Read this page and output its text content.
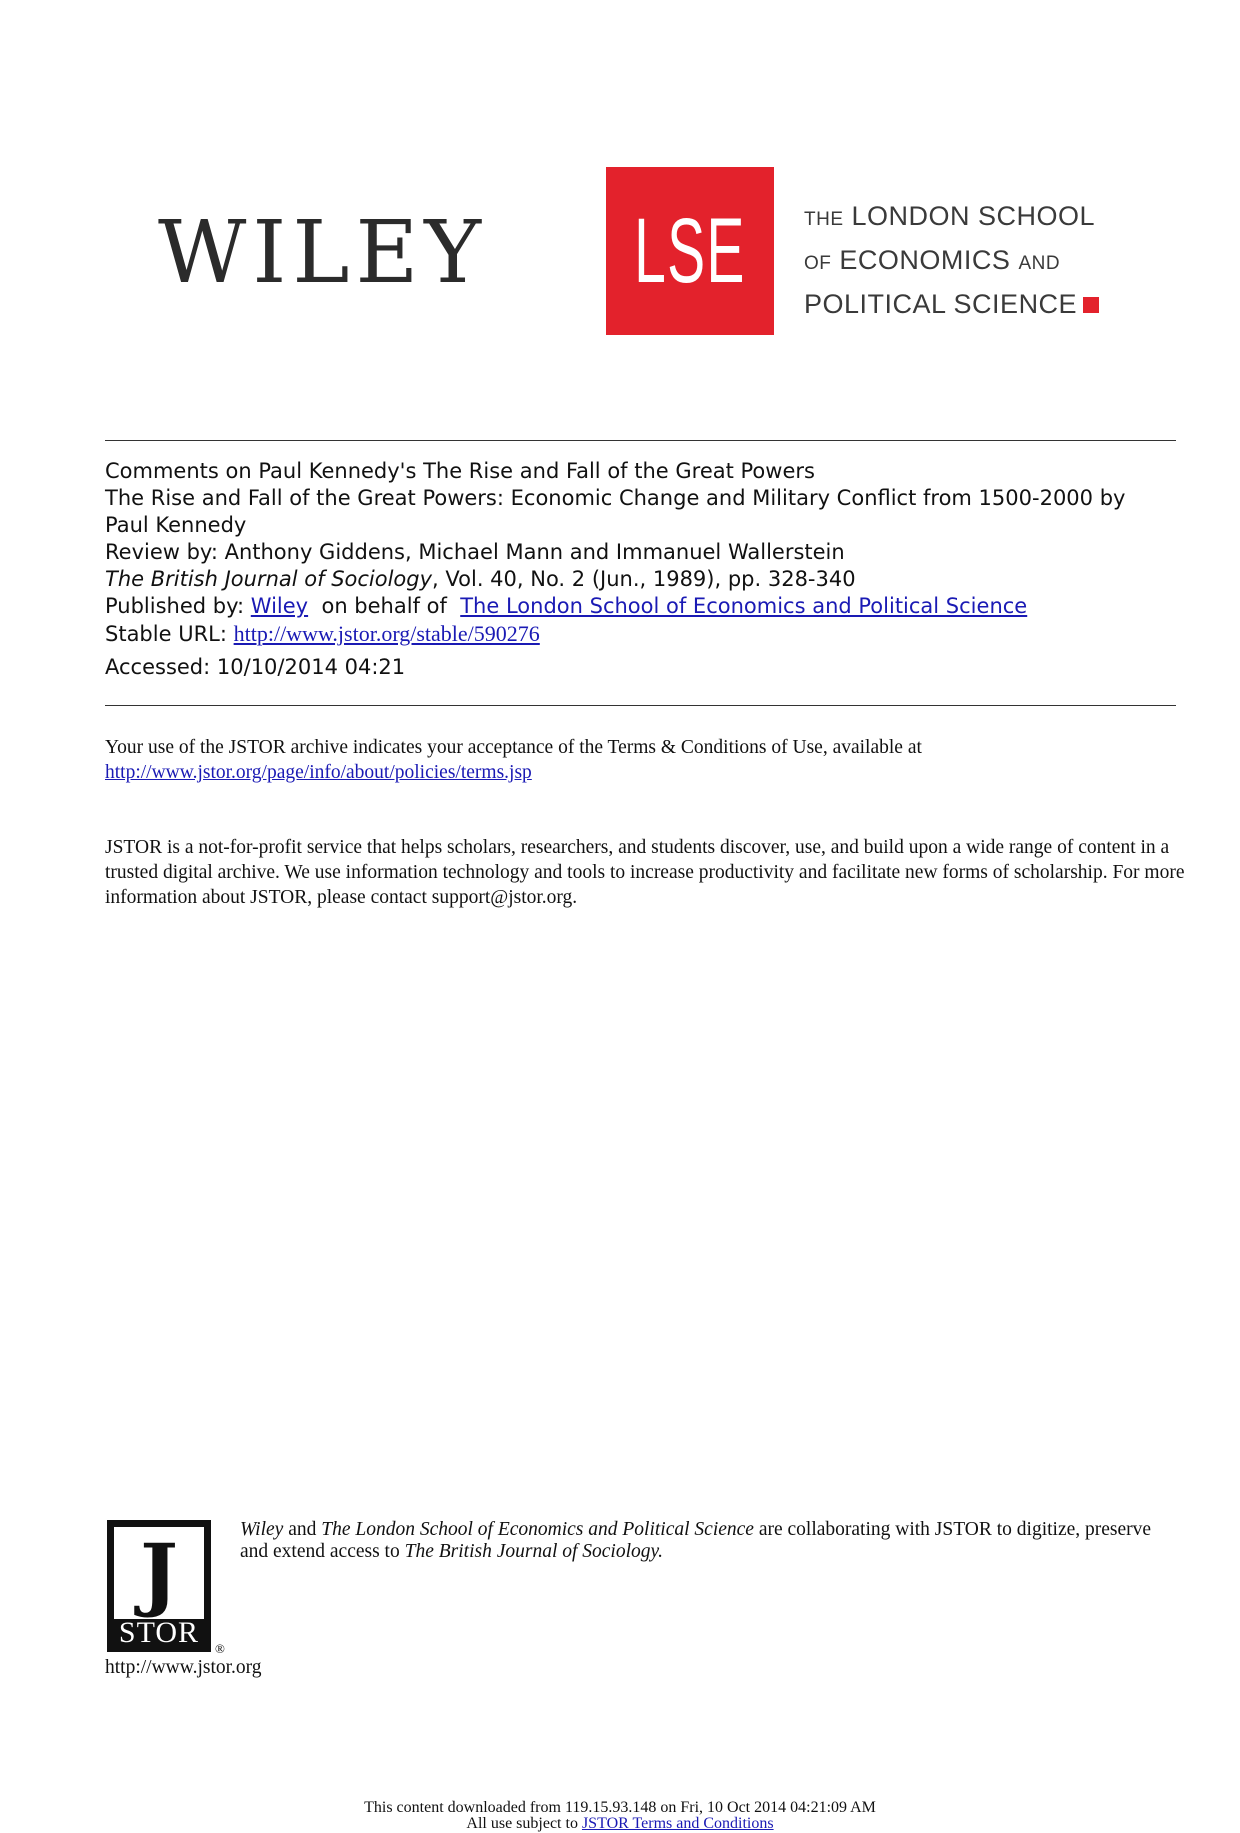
WILEY LSE	THE LONDON SCHOOL
OF ECONOMICS AND
POLITICAL SCIENCE
Comments on Paul Kennedy's The Rise and Fall of the Great Powers
The Rise and Fall of the Great Powers: Economic Change and Military Conflict from 1500-2000 by Paul Kennedy
Review by: Anthony Giddens, Michael Mann and Immanuel Wallerstein
The British Journal of Sociology, Vol. 40, No. 2 (Jun., 1989), pp. 328-340
Published by: Wiley on behalf of The London School of Economics and Political Science
Stable URL: http://www.jstor.org/stable/590276
Accessed: 10/10/2014 04:21
Your use of the JSTOR archive indicates your acceptance of the Terms & Conditions of Use, available at
http://www.jstor.org/page/info/about/policies/terms.jsp
JSTOR is a not-for-profit service that helps scholars, researchers, and students discover, use, and build upon a wide range of content in a trusted digital archive. We use information technology and tools to increase productivity and facilitate new forms of scholarship. For more information about JSTOR, please contact support@jstor.org.
J
STOR	®
Wiley and The London School of Economics and Political Science are collaborating with JSTOR to digitize, preserve and extend access to The British Journal of Sociology.
http://www.jstor.org
This content downloaded from 119.15.93.148 on Fri, 10 Oct 2014 04:21:09 AM
All use subject to JSTOR Terms and Conditions
